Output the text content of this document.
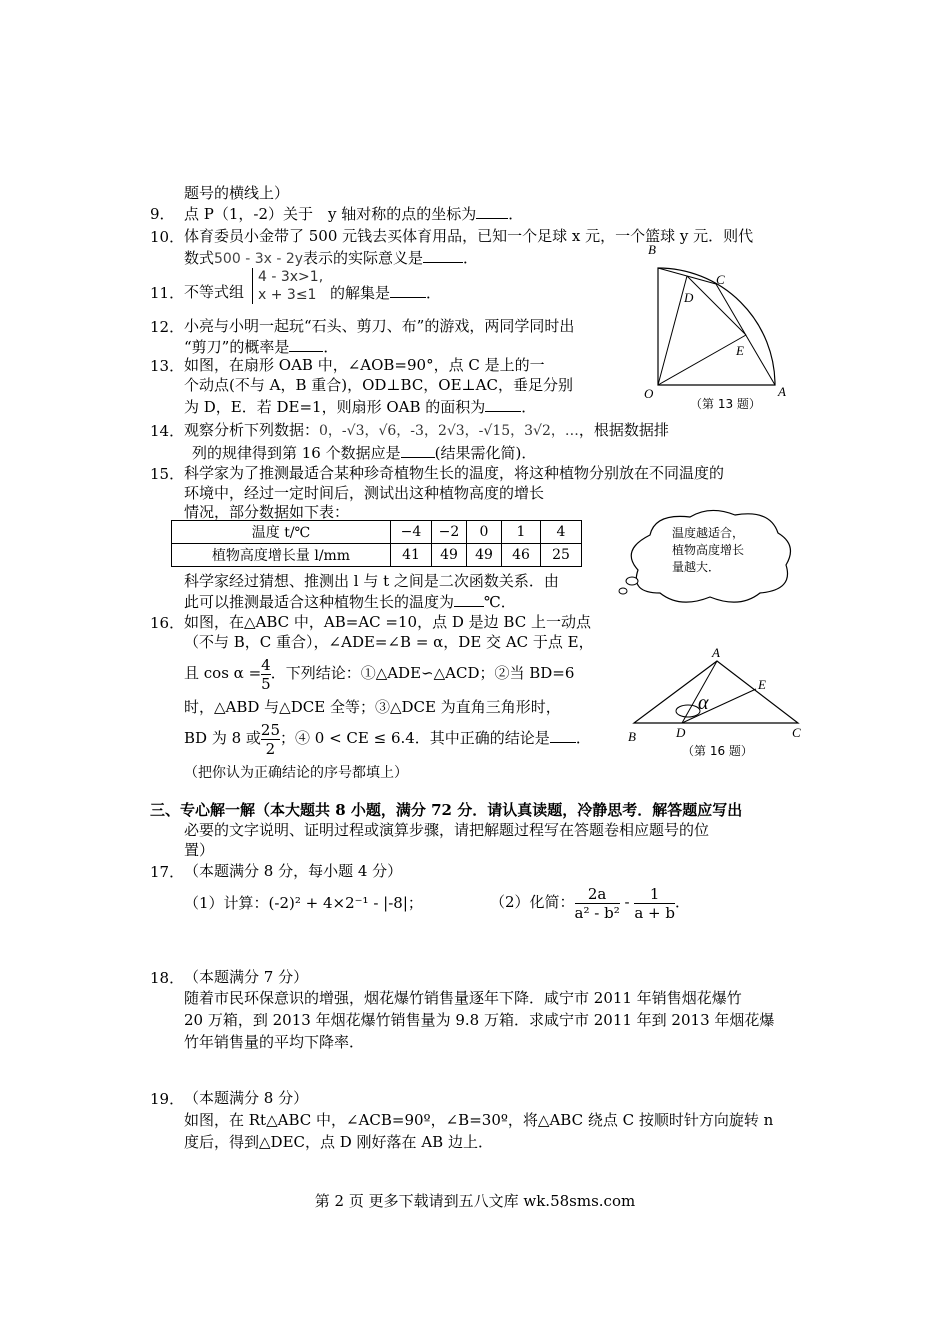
题号的横线上）
9． 点 P（1，-2）关于　y 轴对称的点的坐标为 ．
10． 体育委员小金带了 500 元钱去买体育用品，已知一个足球 x 元，一个篮球 y 元．则代
数式500 - 3x - 2y表示的实际意义是	．
11． 不等式组
4 - 3x>1,
x + 3≤1 的解集是 ．
12． 小亮与小明一起玩“石头、剪刀、布”的游戏，两同学同时出
“剪刀”的概率是 ．
13． 如图，在扇形 OAB 中，∠AOB=90°，点 C 是上的一
个动点(不与 A，B 重合)，OD⊥BC，OE⊥AC，垂足分别
为 D，E．若 DE=1，则扇形 OAB 的面积为 ．
B
C
D
E
O	A
（第 13 题）
14． 观察分析下列数据：0，-√3，√6，-3，2√3，-√15，3√2，…，根据数据排
列的规律得到第 16 个数据应是 (结果需化简)．
15． 科学家为了推测最适合某种珍奇植物生长的温度，将这种植物分别放在不同温度的
环境中，经过一定时间后，测试出这种植物高度的增长
情况，部分数据如下表：
温度 t/℃	−4	−2	0	1	4
植物高度增长量 l/mm	41	49	49	46	25
温度越适合，
植物高度增长
量越大．
科学家经过猜想、推测出 l 与 t 之间是二次函数关系．由
此可以推测最适合这种植物生长的温度为 ℃．
16． 如图，在△ABC 中，AB=AC =10，点 D 是边 BC 上一动点
（不与 B，C 重合），∠ADE=∠B = α，DE 交 AC 于点 E，
且 $\cos \alpha = \frac{4}{5}$ ．下列结论：①△ADE∽△ACD；②当 BD=6
时，△ABD 与△DCE 全等；③△DCE 为直角三角形时，
BD 为 8 或 $\frac{25}{2}$ ；④ 0 < CE ≤ 6.4．其中正确的结论是 ．
（把你认为正确结论的序号都填上）
A
E
B	D	C
α
（第 16 题）
三、专心解一解（本大题共 8 小题，满分 72 分．请认真读题，冷静思考．解答题应写出
必要的文字说明、证明过程或演算步骤，请把解题过程写在答题卷相应题号的位
置）
17． （本题满分 8 分，每小题 4 分）
（1）计算：(-2)² + 4×2⁻¹ - |-8|；	（2）化简： $\frac{2a}{\text{a² - b²}} - \frac{1}{a + b}$ ．
18． （本题满分 7 分）
随着市民环保意识的增强，烟花爆竹销售量逐年下降．咸宁市 2011 年销售烟花爆竹
20 万箱，到 2013 年烟花爆竹销售量为 9.8 万箱．求咸宁市 2011 年到 2013 年烟花爆
竹年销售量的平均下降率．
19． （本题满分 8 分）
如图，在 Rt△ABC 中，∠ACB=90º，∠B=30º，将△ABC 绕点 C 按顺时针方向旋转 n
度后，得到△DEC，点 D 刚好落在 AB 边上．
第 2 页 更多下载请到五八文库 wk.58sms.com
